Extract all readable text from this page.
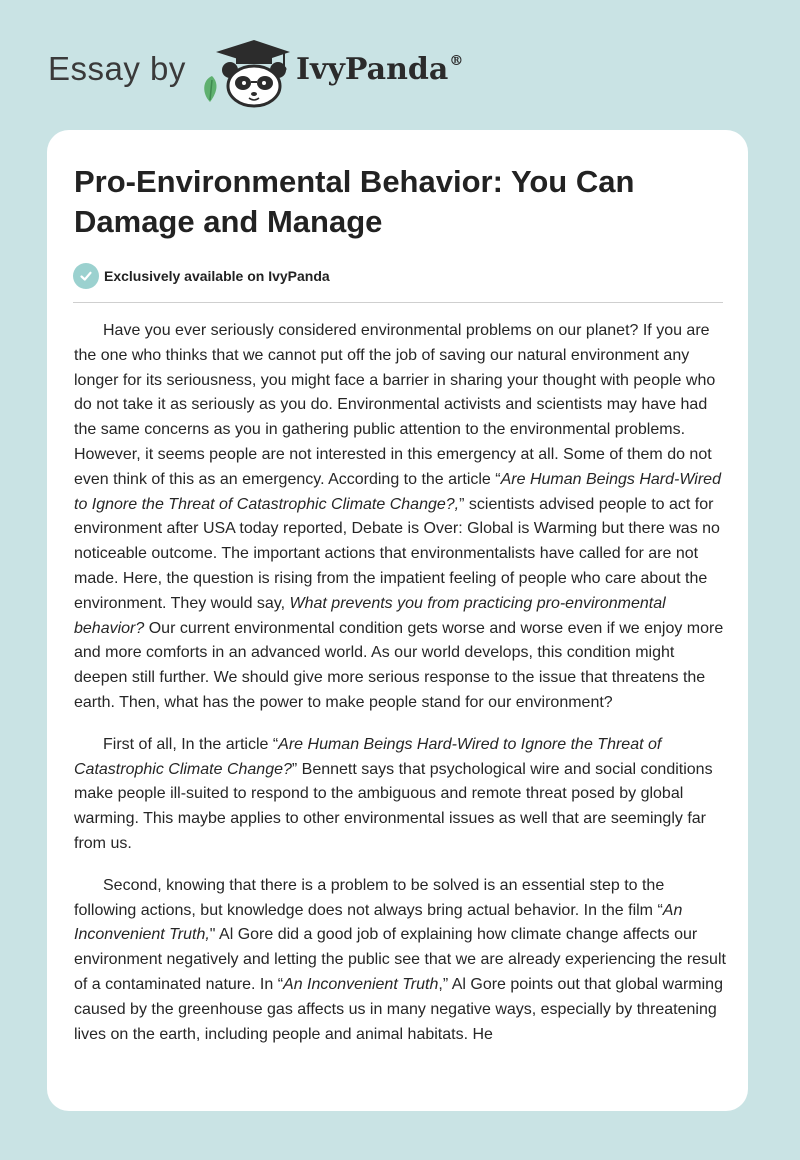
Essay by	IvyPanda®
Pro-Environmental Behavior: You Can Damage and Manage
Exclusively available on IvyPanda

Have you ever seriously considered environmental problems on our planet? If you are the one who thinks that we cannot put off the job of saving our natural environment any longer for its seriousness, you might face a barrier in sharing your thought with people who do not take it as seriously as you do. Environmental activists and scientists may have had the same concerns as you in gathering public attention to the environmental problems. However, it seems people are not interested in this emergency at all. Some of them do not even think of this as an emergency. According to the article “Are Human Beings Hard-Wired to Ignore the Threat of Catastrophic Climate Change?,” scientists advised people to act for environment after USA today reported, Debate is Over: Global is Warming but there was no noticeable outcome. The important actions that environmentalists have called for are not made. Here, the question is rising from the impatient feeling of people who care about the environment. They would say, What prevents you from practicing pro-environmental behavior? Our current environmental condition gets worse and worse even if we enjoy more and more comforts in an advanced world. As our world develops, this condition might deepen still further. We should give more serious response to the issue that threatens the earth. Then, what has the power to make people stand for our environment?

First of all, In the article “Are Human Beings Hard-Wired to Ignore the Threat of Catastrophic Climate Change?” Bennett says that psychological wire and social conditions make people ill-suited to respond to the ambiguous and remote threat posed by global warming. This maybe applies to other environmental issues as well that are seemingly far from us.

Second, knowing that there is a problem to be solved is an essential step to the following actions, but knowledge does not always bring actual behavior. In the film “An Inconvenient Truth," Al Gore did a good job of explaining how climate change affects our environment negatively and letting the public see that we are already experiencing the result of a contaminated nature. In “An Inconvenient Truth,” Al Gore points out that global warming caused by the greenhouse gas affects us in many negative ways, especially by threatening lives on the earth, including people and animal habitats. He
